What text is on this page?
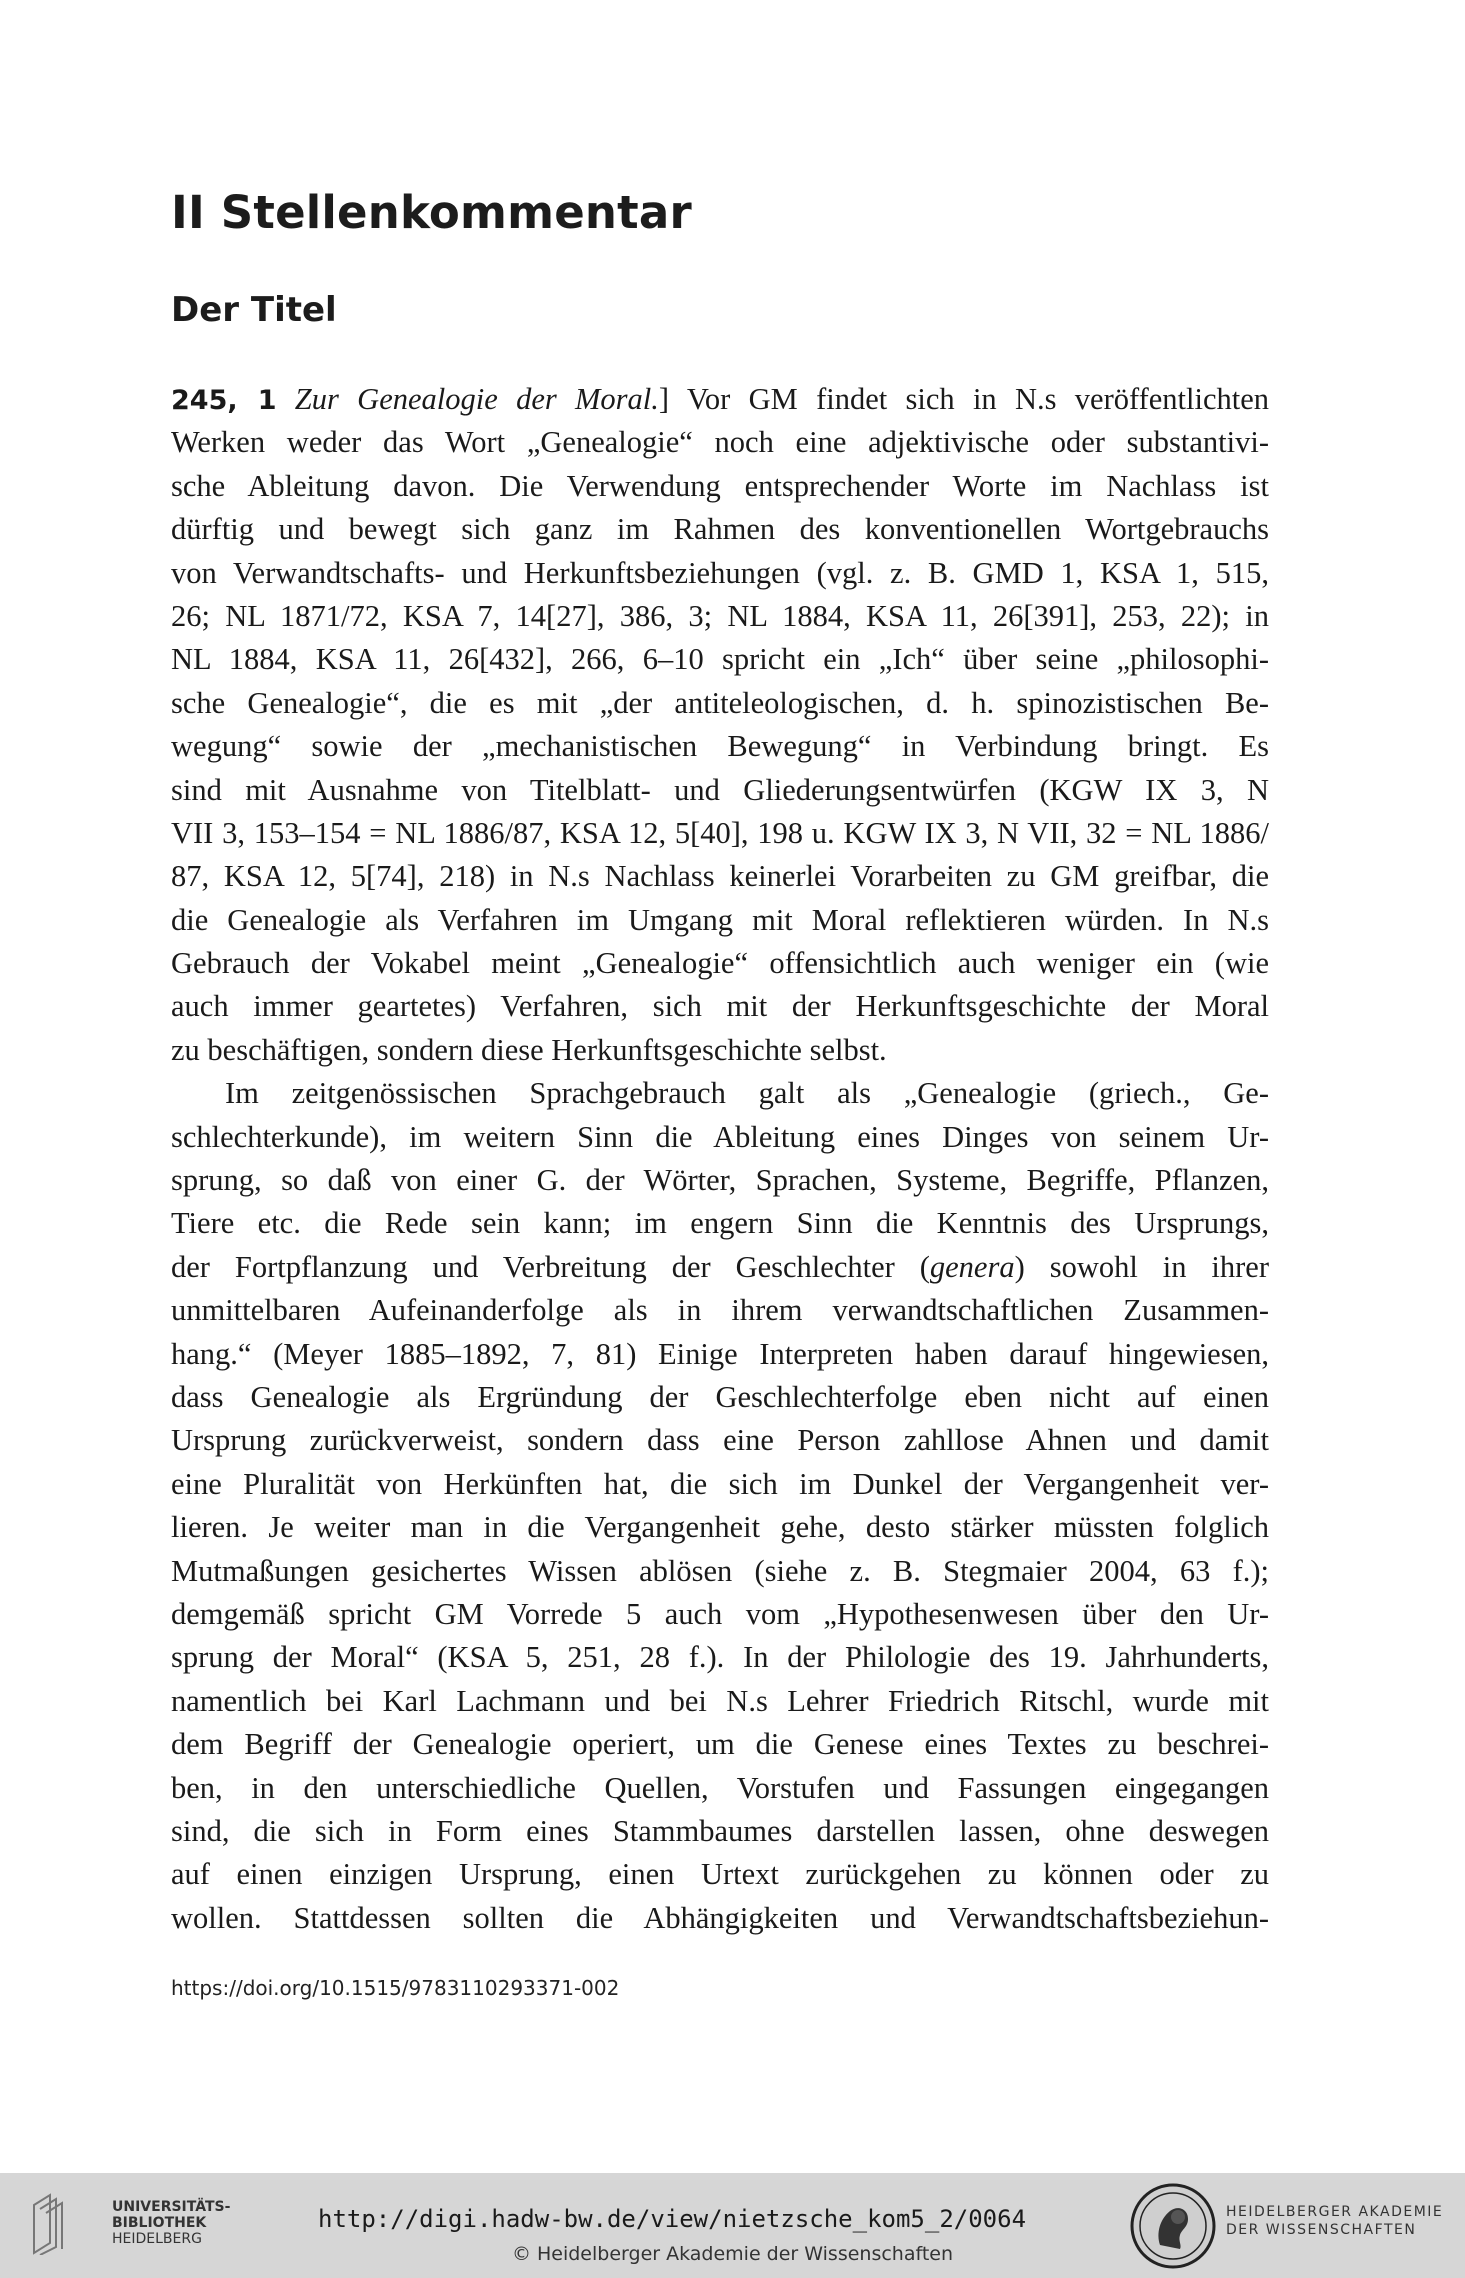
II Stellenkommentar
Der Titel
245, 1 Zur Genealogie der Moral.] Vor GM findet sich in N.s veröffentlichten
Werken weder das Wort „Genealogie“ noch eine adjektivische oder substantivi-
sche Ableitung davon. Die Verwendung entsprechender Worte im Nachlass ist
dürftig und bewegt sich ganz im Rahmen des konventionellen Wortgebrauchs
von Verwandtschafts- und Herkunftsbeziehungen (vgl. z. B. GMD 1, KSA 1, 515,
26; NL 1871/72, KSA 7, 14[27], 386, 3; NL 1884, KSA 11, 26[391], 253, 22); in
NL 1884, KSA 11, 26[432], 266, 6–10 spricht ein „Ich“ über seine „philosophi-
sche Genealogie“, die es mit „der antiteleologischen, d. h. spinozistischen Be-
wegung“ sowie der „mechanistischen Bewegung“ in Verbindung bringt. Es
sind mit Ausnahme von Titelblatt- und Gliederungsentwürfen (KGW IX 3, N
VII 3, 153–154 = NL 1886/87, KSA 12, 5[40], 198 u. KGW IX 3, N VII, 32 = NL 1886/
87, KSA 12, 5[74], 218) in N.s Nachlass keinerlei Vorarbeiten zu GM greifbar, die
die Genealogie als Verfahren im Umgang mit Moral reflektieren würden. In N.s
Gebrauch der Vokabel meint „Genealogie“ offensichtlich auch weniger ein (wie
auch immer geartetes) Verfahren, sich mit der Herkunftsgeschichte der Moral
zu beschäftigen, sondern diese Herkunftsgeschichte selbst.
Im zeitgenössischen Sprachgebrauch galt als „Genealogie (griech., Ge-
schlechterkunde), im weitern Sinn die Ableitung eines Dinges von seinem Ur-
sprung, so daß von einer G. der Wörter, Sprachen, Systeme, Begriffe, Pflanzen,
Tiere etc. die Rede sein kann; im engern Sinn die Kenntnis des Ursprungs,
der Fortpflanzung und Verbreitung der Geschlechter (genera) sowohl in ihrer
unmittelbaren Aufeinanderfolge als in ihrem verwandtschaftlichen Zusammen-
hang.“ (Meyer 1885–1892, 7, 81) Einige Interpreten haben darauf hingewiesen,
dass Genealogie als Ergründung der Geschlechterfolge eben nicht auf einen
Ursprung zurückverweist, sondern dass eine Person zahllose Ahnen und damit
eine Pluralität von Herkünften hat, die sich im Dunkel der Vergangenheit ver-
lieren. Je weiter man in die Vergangenheit gehe, desto stärker müssten folglich
Mutmaßungen gesichertes Wissen ablösen (siehe z. B. Stegmaier 2004, 63 f.);
demgemäß spricht GM Vorrede 5 auch vom „Hypothesenwesen über den Ur-
sprung der Moral“ (KSA 5, 251, 28 f.). In der Philologie des 19. Jahrhunderts,
namentlich bei Karl Lachmann und bei N.s Lehrer Friedrich Ritschl, wurde mit
dem Begriff der Genealogie operiert, um die Genese eines Textes zu beschrei-
ben, in den unterschiedliche Quellen, Vorstufen und Fassungen eingegangen
sind, die sich in Form eines Stammbaumes darstellen lassen, ohne deswegen
auf einen einzigen Ursprung, einen Urtext zurückgehen zu können oder zu
wollen. Stattdessen sollten die Abhängigkeiten und Verwandtschaftsbeziehun-
https://doi.org/10.1515/9783110293371-002
UNIVERSITÄTS-
BIBLIOTHEK
HEIDELBERG
http://digi.hadw-bw.de/view/nietzsche_kom5_2/0064
© Heidelberger Akademie der Wissenschaften
HEIDELBERGER AKADEMIE
DER WISSENSCHAFTEN
